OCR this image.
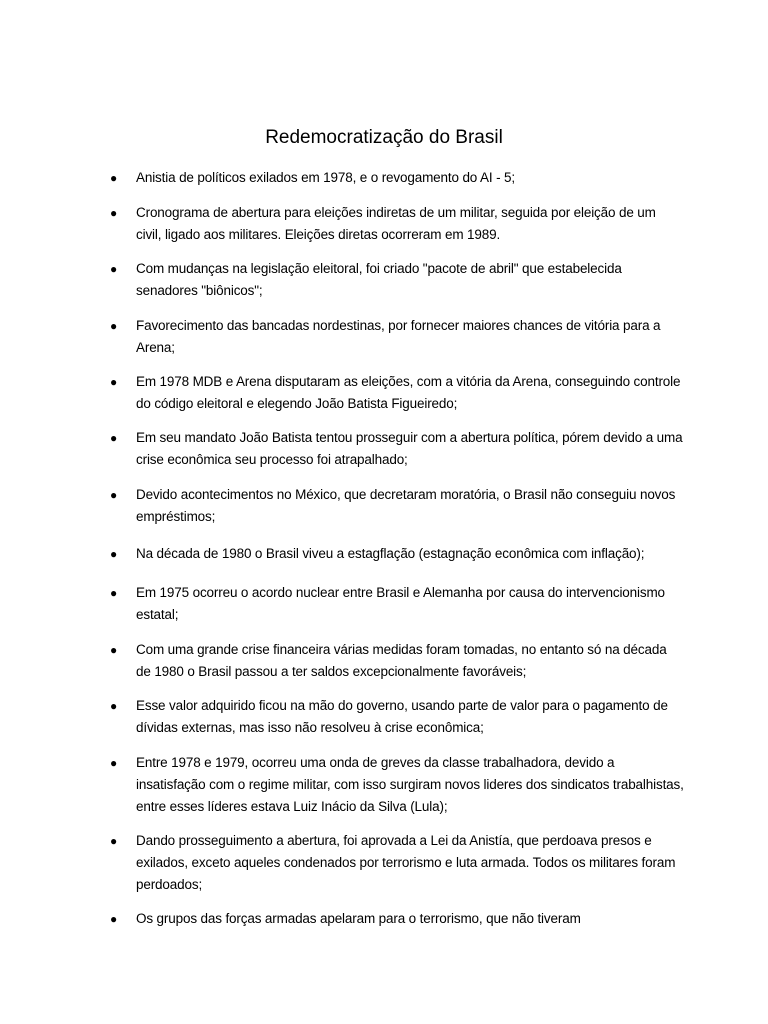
Redemocratização do Brasil
●	Anistia de políticos exilados em 1978, e o revogamento do AI - 5;
●	Cronograma de abertura para eleições indiretas de um militar, seguida por eleição de um civil, ligado aos militares. Eleições diretas ocorreram em 1989.
●	Com mudanças na legislação eleitoral, foi criado "pacote de abril" que estabelecida senadores "biônicos";
●	Favorecimento das bancadas nordestinas, por fornecer maiores chances de vitória para a Arena;
●	Em 1978 MDB e Arena disputaram as eleições, com a vitória da Arena, conseguindo controle do código eleitoral e elegendo João Batista Figueiredo;
●	Em seu mandato João Batista tentou prosseguir com a abertura política, pórem devido a uma crise econômica seu processo foi atrapalhado;
●	Devido acontecimentos no México, que decretaram moratória, o Brasil não conseguiu novos empréstimos;
●	Na década de 1980 o Brasil viveu a estagflação (estagnação econômica com inflação);
●	Em 1975 ocorreu o acordo nuclear entre Brasil e Alemanha por causa do intervencionismo estatal;
●	Com uma grande crise financeira várias medidas foram tomadas, no entanto só na década de 1980 o Brasil passou a ter saldos excepcionalmente favoráveis;
●	Esse valor adquirido ficou na mão do governo, usando parte de valor para o pagamento de dívidas externas, mas isso não resolveu à crise econômica;
●	Entre 1978 e 1979, ocorreu uma onda de greves da classe trabalhadora, devido a insatisfação com o regime militar, com isso surgiram novos lideres dos sindicatos trabalhistas, entre esses líderes estava Luiz Inácio da Silva (Lula);
●	Dando prosseguimento a abertura, foi aprovada a Lei da Anistía, que perdoava presos e exilados, exceto aqueles condenados por terrorismo e luta armada. Todos os militares foram perdoados;
●	Os grupos das forças armadas apelaram para o terrorismo, que não tiveram
